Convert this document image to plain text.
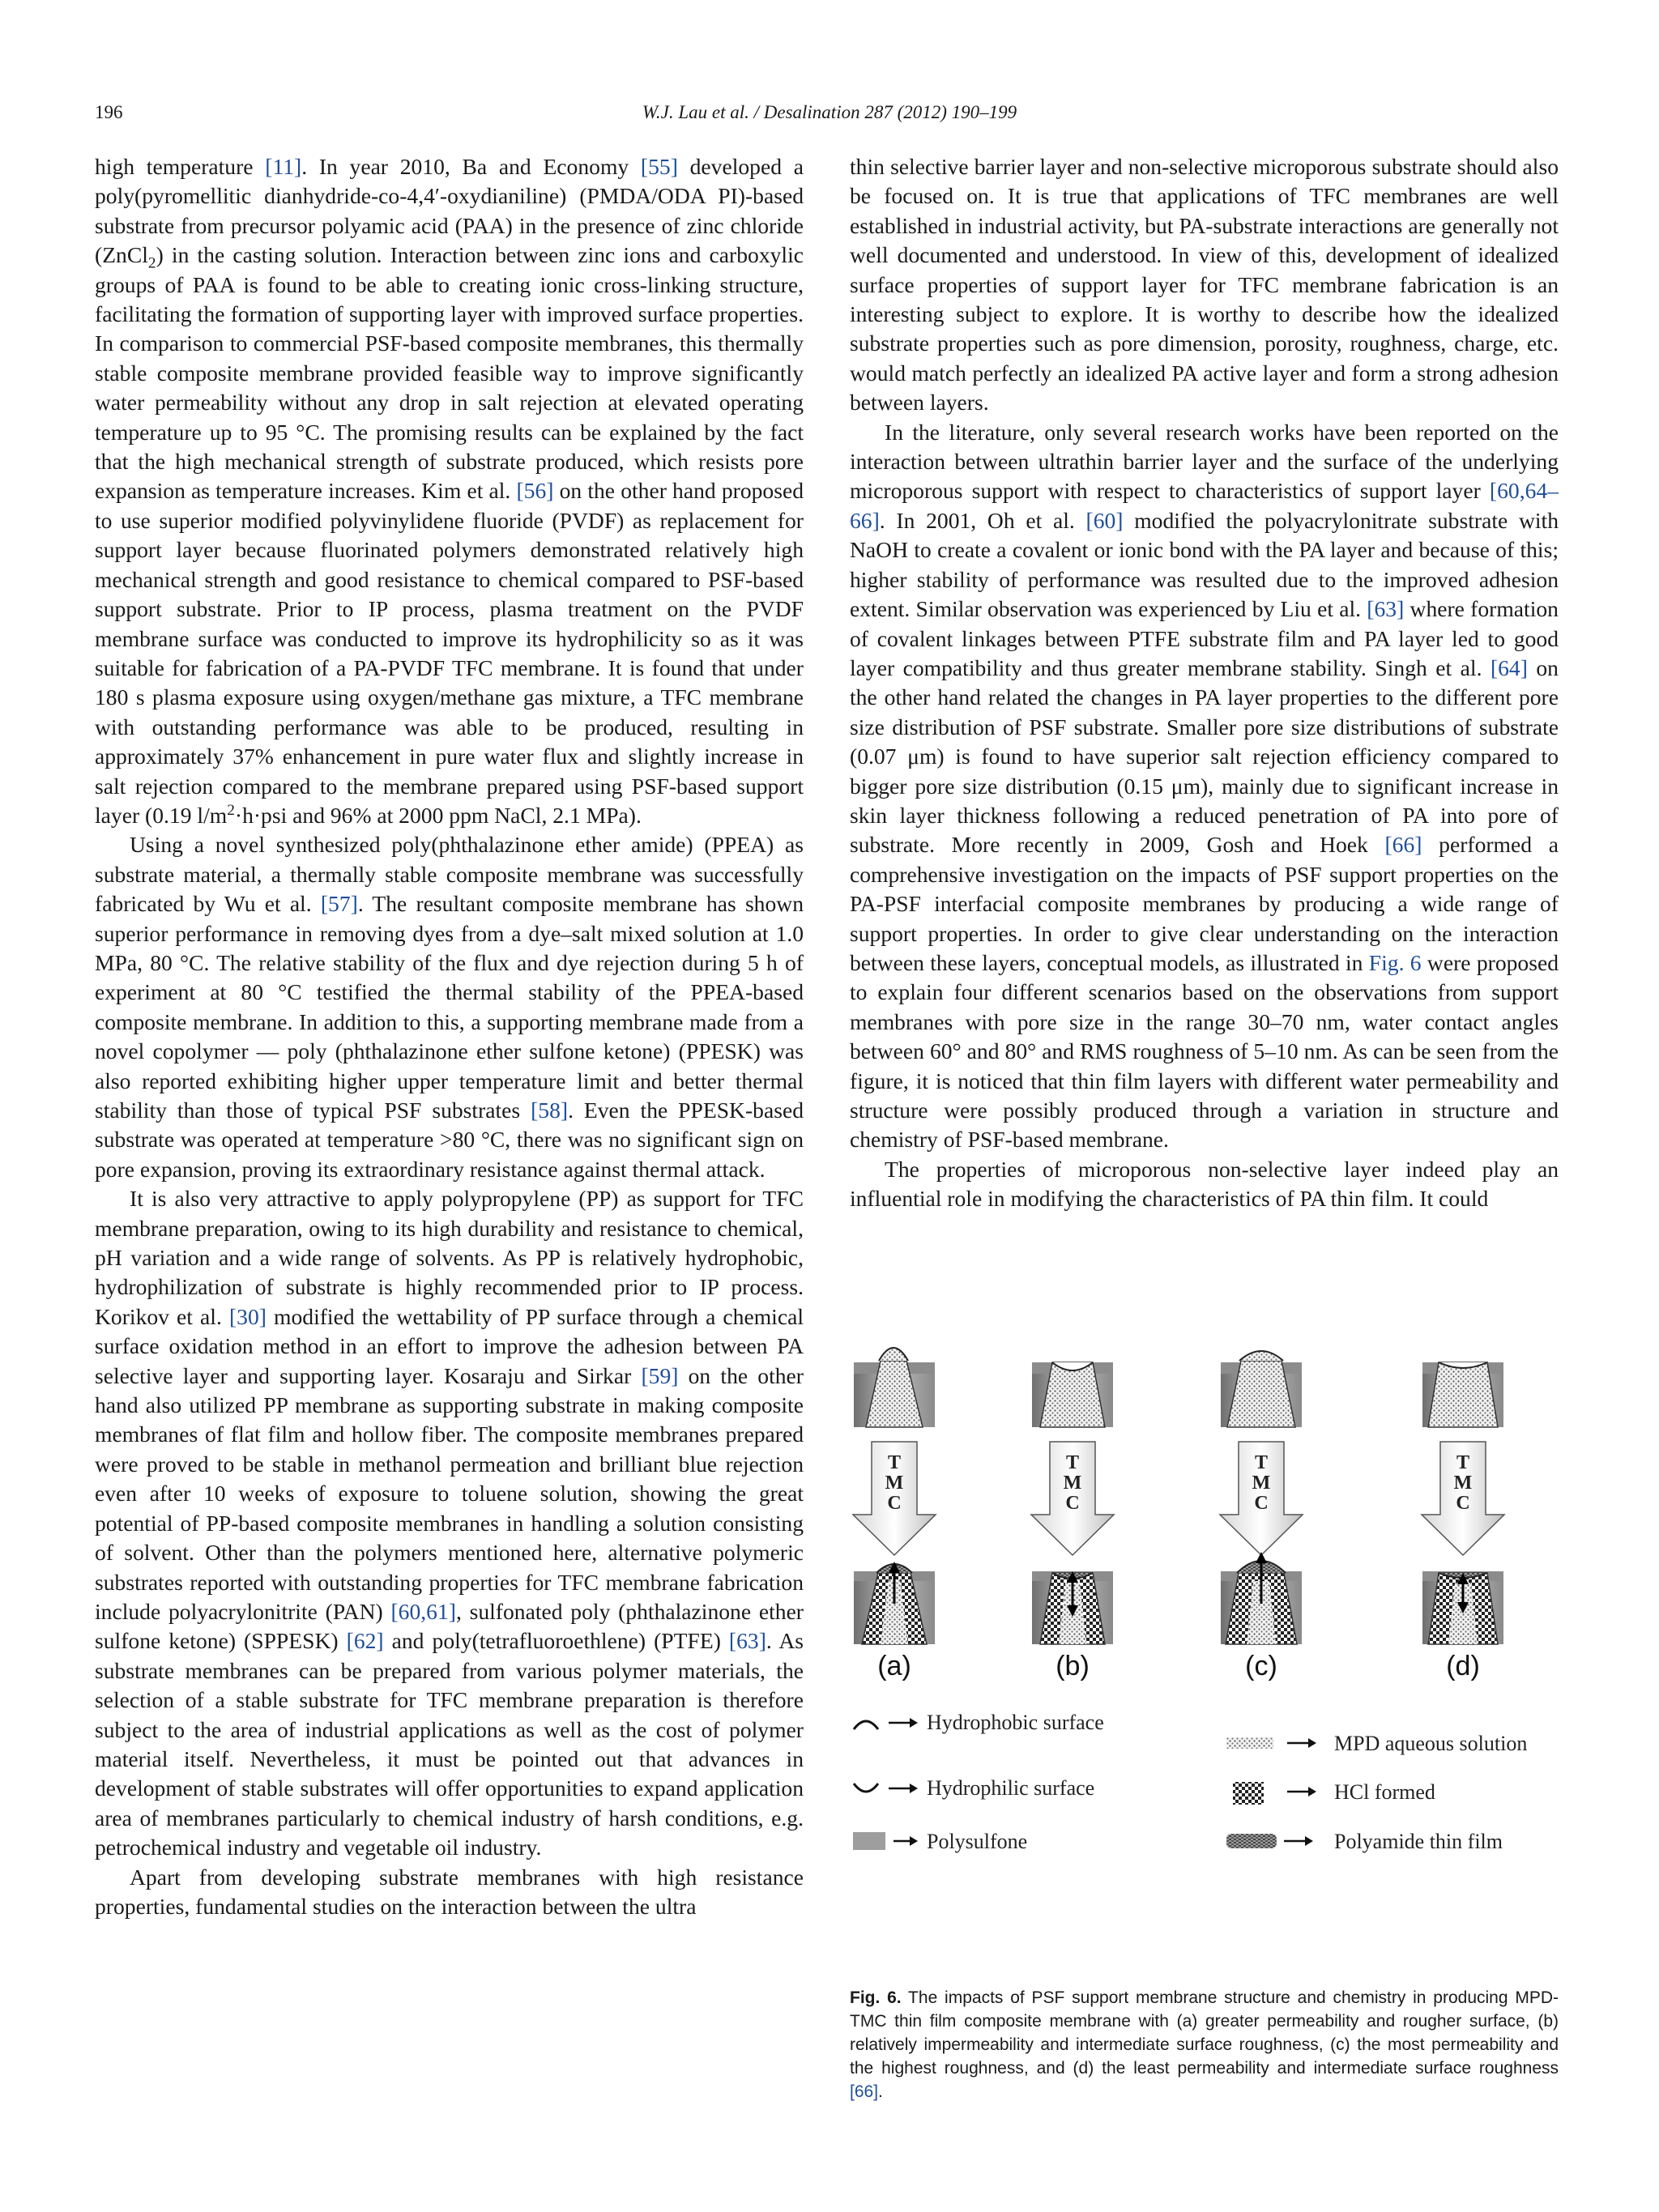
196	W.J. Lau et al. / Desalination 287 (2012) 190–199

high temperature [11]. In year 2010, Ba and Economy [55] developed a poly(pyromellitic dianhydride-co-4,4′-oxydianiline) (PMDA/ODA PI)-based substrate from precursor polyamic acid (PAA) in the presence of zinc chloride (ZnCl$_2$) in the casting solution. Interaction between zinc ions and carboxylic groups of PAA is found to be able to creating ionic cross-linking structure, facilitating the formation of supporting layer with improved surface properties. In comparison to commercial PSF-based composite membranes, this thermally stable composite membrane provided feasible way to improve significantly water permeability without any drop in salt rejection at elevated operating temperature up to 95 °C. The promising results can be explained by the fact that the high mechanical strength of substrate produced, which resists pore expansion as temperature increases. Kim et al. [56] on the other hand proposed to use superior modified polyvinylidene fluoride (PVDF) as replacement for support layer because fluorinated polymers demonstrated relatively high mechanical strength and good resistance to chemical compared to PSF-based support substrate. Prior to IP process, plasma treatment on the PVDF membrane surface was conducted to improve its hydrophilicity so as it was suitable for fabrication of a PA-PVDF TFC membrane. It is found that under 180 s plasma exposure using oxygen/methane gas mixture, a TFC membrane with outstanding performance was able to be produced, resulting in approximately 37% enhancement in pure water flux and slightly increase in salt rejection compared to the membrane prepared using PSF-based support layer (0.19 $l/m^2\cdot h\cdot psi$ and 96% at 2000 ppm NaCl, 2.1 MPa).

Using a novel synthesized poly(phthalazinone ether amide) (PPEA) as substrate material, a thermally stable composite membrane was successfully fabricated by Wu et al. [57]. The resultant composite membrane has shown superior performance in removing dyes from a dye–salt mixed solution at 1.0 MPa, 80 °C. The relative stability of the flux and dye rejection during 5 h of experiment at 80 °C testified the thermal stability of the PPEA-based composite membrane. In addition to this, a supporting membrane made from a novel copolymer — poly (phthalazinone ether sulfone ketone) (PPESK) was also reported exhibiting higher upper temperature limit and better thermal stability than those of typical PSF substrates [58]. Even the PPESK-based substrate was operated at temperature >80 °C, there was no significant sign on pore expansion, proving its extraordinary resistance against thermal attack.

It is also very attractive to apply polypropylene (PP) as support for TFC membrane preparation, owing to its high durability and resistance to chemical, pH variation and a wide range of solvents. As PP is relatively hydrophobic, hydrophilization of substrate is highly recommended prior to IP process. Korikov et al. [30] modified the wettability of PP surface through a chemical surface oxidation method in an effort to improve the adhesion between PA selective layer and supporting layer. Kosaraju and Sirkar [59] on the other hand also utilized PP membrane as supporting substrate in making composite membranes of flat film and hollow fiber. The composite membranes prepared were proved to be stable in methanol permeation and brilliant blue rejection even after 10 weeks of exposure to toluene solution, showing the great potential of PP-based composite membranes in handling a solution consisting of solvent. Other than the polymers mentioned here, alternative polymeric substrates reported with outstanding properties for TFC membrane fabrication include polyacrylonitrite (PAN) [60,61], sulfonated poly (phthalazinone ether sulfone ketone) (SPPESK) [62] and poly(tetrafluoroethlene) (PTFE) [63]. As substrate membranes can be prepared from various polymer materials, the selection of a stable substrate for TFC membrane preparation is therefore subject to the area of industrial applications as well as the cost of polymer material itself. Nevertheless, it must be pointed out that advances in development of stable substrates will offer opportunities to expand application area of membranes particularly to chemical industry of harsh conditions, e.g. petrochemical industry and vegetable oil industry.

Apart from developing substrate membranes with high resistance properties, fundamental studies on the interaction between the ultra

thin selective barrier layer and non-selective microporous substrate should also be focused on. It is true that applications of TFC membranes are well established in industrial activity, but PA-substrate interactions are generally not well documented and understood. In view of this, development of idealized surface properties of support layer for TFC membrane fabrication is an interesting subject to explore. It is worthy to describe how the idealized substrate properties such as pore dimension, porosity, roughness, charge, etc. would match perfectly an idealized PA active layer and form a strong adhesion between layers.

In the literature, only several research works have been reported on the interaction between ultrathin barrier layer and the surface of the underlying microporous support with respect to characteristics of support layer [60,64–66]. In 2001, Oh et al. [60] modified the polyacrylonitrate substrate with NaOH to create a covalent or ionic bond with the PA layer and because of this; higher stability of performance was resulted due to the improved adhesion extent. Similar observation was experienced by Liu et al. [63] where formation of covalent linkages between PTFE substrate film and PA layer led to good layer compatibility and thus greater membrane stability. Singh et al. [64] on the other hand related the changes in PA layer properties to the different pore size distribution of PSF substrate. Smaller pore size distributions of substrate (0.07 μm) is found to have superior salt rejection efficiency compared to bigger pore size distribution (0.15 μm), mainly due to significant increase in skin layer thickness following a reduced penetration of PA into pore of substrate. More recently in 2009, Gosh and Hoek [66] performed a comprehensive investigation on the impacts of PSF support properties on the PA-PSF interfacial composite membranes by producing a wide range of support properties. In order to give clear understanding on the interaction between these layers, conceptual models, as illustrated in Fig. 6 were proposed to explain four different scenarios based on the observations from support membranes with pore size in the range 30–70 nm, water contact angles between 60° and 80° and RMS roughness of 5–10 nm. As can be seen from the figure, it is noticed that thin film layers with different water permeability and structure were possibly produced through a variation in structure and chemistry of PSF-based membrane.

The properties of microporous non-selective layer indeed play an influential role in modifying the characteristics of PA thin film. It could

T
M
C
(a)
T
M
C
(b)
T
M
C
(c)
T
M
C
(d)
Hydrophobic surface
Hydrophilic surface
Polysulfone
MPD aqueous solution
HCl formed
Polyamide thin film
Fig. 6. The impacts of PSF support membrane structure and chemistry in producing MPD-TMC thin film composite membrane with (a) greater permeability and rougher surface, (b) relatively impermeability and intermediate surface roughness, (c) the most permeability and the highest roughness, and (d) the least permeability and intermediate surface roughness [66].
